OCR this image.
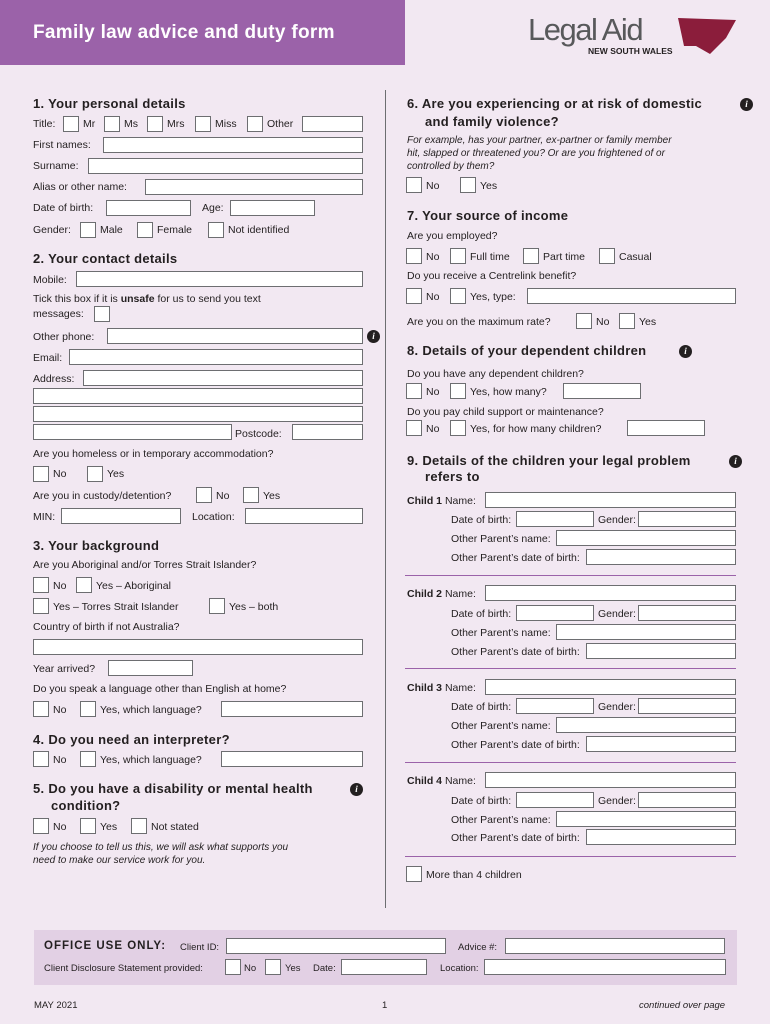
Family law advice and duty form	Legal Aid
NEW SOUTH WALES
1. Your personal details
Title:	Mr	Ms	Mrs	Miss	Other
First names:
Surname:
Alias or other name:
Date of birth:	Age:
Gender:	Male	Female	Not identified
2. Your contact details
Mobile:
Tick this box if it is unsafe for us to send you text
messages:
Other phone:	i
Email:
Address:
Postcode:
Are you homeless or in temporary accommodation?
No	Yes
Are you in custody/detention?	No	Yes
MIN:	Location:
3. Your background
Are you Aboriginal and/or Torres Strait Islander?
No	Yes – Aboriginal
Yes – Torres Strait Islander	Yes – both
Country of birth if not Australia?
Year arrived?
Do you speak a language other than English at home?
No	Yes, which language?
4. Do you need an interpreter?
No	Yes, which language?
5. Do you have a disability or mental health	i
condition?
No	Yes	Not stated
If you choose to tell us this, we will ask what supports you
need to make our service work for you.
6. Are you experiencing or at risk of domestic	i
and family violence?
For example, has your partner, ex-partner or family member
hit, slapped or threatened you? Or are you frightened of or
controlled by them?
No	Yes
7. Your source of income
Are you employed?
No	Full time	Part time	Casual
Do you receive a Centrelink benefit?
No	Yes, type:
Are you on the maximum rate?	No	Yes
8. Details of your dependent children	i
Do you have any dependent children?
No	Yes, how many?
Do you pay child support or maintenance?
No	Yes, for how many children?
9. Details of the children your legal problem	i
refers to
Child 1 Name:
Date of birth:	Gender:
Other Parent’s name:
Other Parent’s date of birth:
Child 2 Name:
Date of birth:	Gender:
Other Parent’s name:
Other Parent’s date of birth:
Child 3 Name:
Date of birth:	Gender:
Other Parent’s name:
Other Parent’s date of birth:
Child 4 Name:
Date of birth:	Gender:
Other Parent’s name:
Other Parent’s date of birth:
More than 4 children
OFFICE USE ONLY: Client ID:	Advice #:
Client Disclosure Statement provided:	No	Yes Date:	Location:
MAY 2021	1	continued over page
